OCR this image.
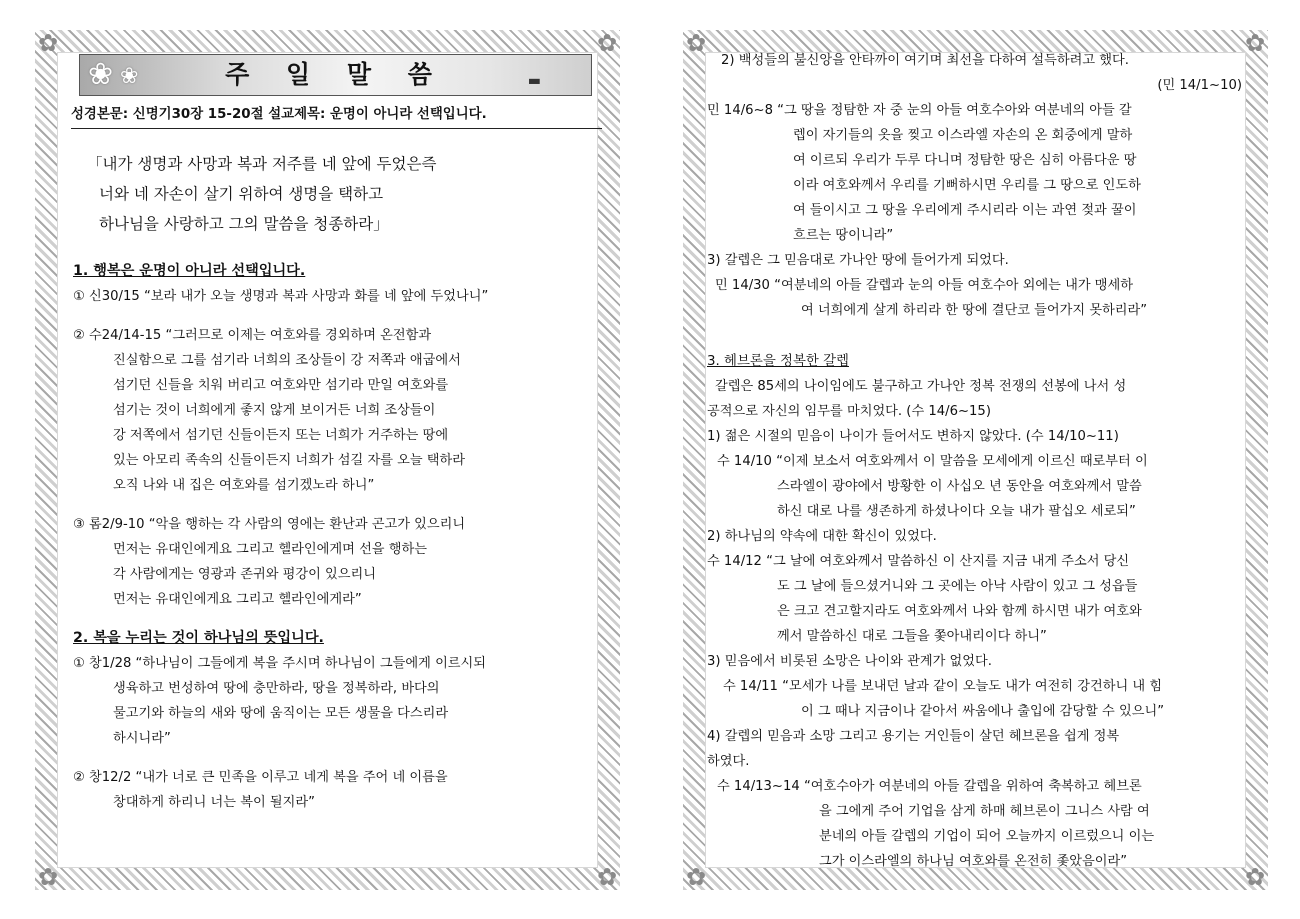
✿	✿
✿	✿
❀ ❀	주 일 말 씀	▬
성경본문: 신명기30장 15-20절 설교제목: 운명이 아니라 선택입니다.
「내가 생명과 사망과 복과 저주를 네 앞에 두었은즉
너와 네 자손이 살기 위하여 생명을 택하고
하나님을 사랑하고 그의 말씀을 청종하라」
1. 행복은 운명이 아니라 선택입니다.
① 신30/15 “보라 내가 오늘 생명과 복과 사망과 화를 네 앞에 두었나니”
② 수24/14-15 “그러므로 이제는 여호와를 경외하며 온전함과
진실함으로 그를 섬기라 너희의 조상들이 강 저쪽과 애굽에서
섬기던 신들을 치워 버리고 여호와만 섬기라 만일 여호와를
섬기는 것이 너희에게 좋지 않게 보이거든 너희 조상들이
강 저쪽에서 섬기던 신들이든지 또는 너희가 거주하는 땅에
있는 아모리 족속의 신들이든지 너희가 섬길 자를 오늘 택하라
오직 나와 내 집은 여호와를 섬기겠노라 하니”
③ 롬2/9-10 “악을 행하는 각 사람의 영에는 환난과 곤고가 있으리니
먼저는 유대인에게요 그리고 헬라인에게며 선을 행하는
각 사람에게는 영광과 존귀와 평강이 있으리니
먼저는 유대인에게요 그리고 헬라인에게라”
2. 복을 누리는 것이 하나님의 뜻입니다.
① 창1/28 “하나님이 그들에게 복을 주시며 하나님이 그들에게 이르시되
생육하고 번성하여 땅에 충만하라, 땅을 정복하라, 바다의
물고기와 하늘의 새와 땅에 움직이는 모든 생물을 다스리라
하시니라”
② 창12/2 “내가 너로 큰 민족을 이루고 네게 복을 주어 네 이름을
창대하게 하리니 너는 복이 될지라”
✿	✿
✿	✿
2) 백성들의 불신앙을 안타까이 여기며 최선을 다하여 설득하려고 했다.
(민 14/1~10)
민 14/6~8 “그 땅을 정탐한 자 중 눈의 아들 여호수아와 여분네의 아들 갈
렙이 자기들의 옷을 찢고 이스라엘 자손의 온 회중에게 말하
여 이르되 우리가 두루 다니며 정탐한 땅은 심히 아름다운 땅
이라 여호와께서 우리를 기뻐하시면 우리를 그 땅으로 인도하
여 들이시고 그 땅을 우리에게 주시리라 이는 과연 젖과 꿀이
흐르는 땅이니라”
3) 갈렙은 그 믿음대로 가나안 땅에 들어가게 되었다.
민 14/30 “여분네의 아들 갈렙과 눈의 아들 여호수아 외에는 내가 맹세하
여 너희에게 살게 하리라 한 땅에 결단코 들어가지 못하리라”
3. 헤브론을 정복한 갈렙
갈렙은 85세의 나이임에도 불구하고 가나안 정복 전쟁의 선봉에 나서 성
공적으로 자신의 임무를 마치었다. (수 14/6~15)
1) 젊은 시절의 믿음이 나이가 들어서도 변하지 않았다. (수 14/10~11)
수 14/10 “이제 보소서 여호와께서 이 말씀을 모세에게 이르신 때로부터 이
스라엘이 광야에서 방황한 이 사십오 년 동안을 여호와께서 말씀
하신 대로 나를 생존하게 하셨나이다 오늘 내가 팔십오 세로되”
2) 하나님의 약속에 대한 확신이 있었다.
수 14/12 “그 날에 여호와께서 말씀하신 이 산지를 지금 내게 주소서 당신
도 그 날에 들으셨거니와 그 곳에는 아낙 사람이 있고 그 성읍들
은 크고 견고할지라도 여호와께서 나와 함께 하시면 내가 여호와
께서 말씀하신 대로 그들을 쫓아내리이다 하니”
3) 믿음에서 비롯된 소망은 나이와 관계가 없었다.
수 14/11 “모세가 나를 보내던 날과 같이 오늘도 내가 여전히 강건하니 내 힘
이 그 때나 지금이나 같아서 싸움에나 출입에 감당할 수 있으니”
4) 갈렙의 믿음과 소망 그리고 용기는 거인들이 살던 헤브론을 쉽게 정복
하였다.
수 14/13~14 “여호수아가 여분네의 아들 갈렙을 위하여 축복하고 헤브론
을 그에게 주어 기업을 삼게 하매 헤브론이 그니스 사람 여
분네의 아들 갈렙의 기업이 되어 오늘까지 이르렀으니 이는
그가 이스라엘의 하나님 여호와를 온전히 좇았음이라”
